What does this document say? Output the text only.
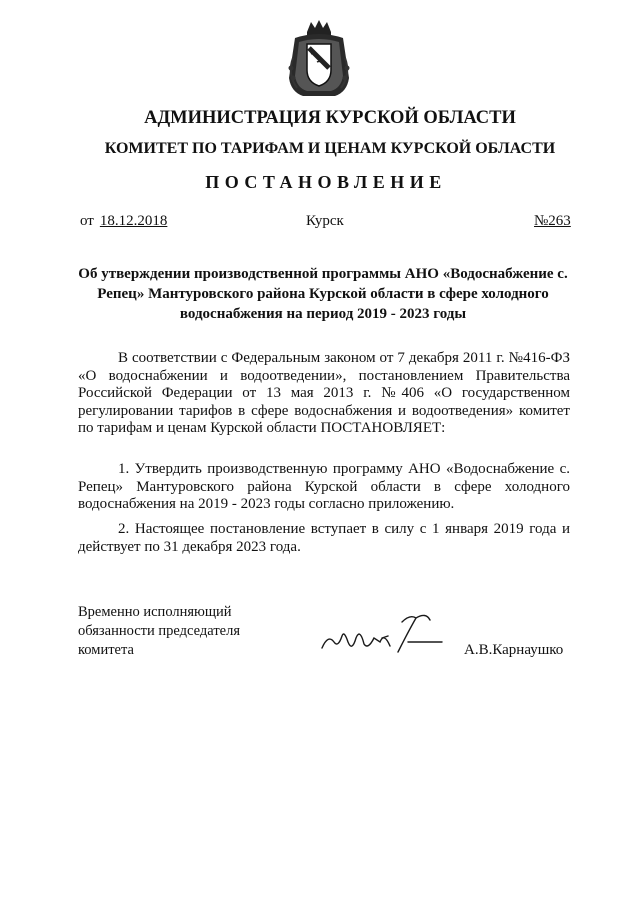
АДМИНИСТРАЦИЯ КУРСКОЙ ОБЛАСТИ
КОМИТЕТ ПО ТАРИФАМ И ЦЕНАМ КУРСКОЙ ОБЛАСТИ
ПОСТАНОВЛЕНИЕ
от 18.12.2018	Курск	№263
Об утверждении производственной программы АНО «Водоснабжение с. Репец» Мантуровского района Курской области в сфере холодного водоснабжения на период 2019 - 2023 годы
В соответствии с Федеральным законом от 7 декабря 2011 г. №416-ФЗ «О водоснабжении и водоотведении», постановлением Правительства Российской Федерации от 13 мая 2013 г. №406 «О государственном регулировании тарифов в сфере водоснабжения и водоотведения» комитет по тарифам и ценам Курской области ПОСТАНОВЛЯЕТ:
1. Утвердить производственную программу АНО «Водоснабжение с. Репец» Мантуровского района Курской области в сфере холодного водоснабжения на 2019 - 2023 годы согласно приложению.
2. Настоящее постановление вступает в силу с 1 января 2019 года и действует по 31 декабря 2023 года.
Временно исполняющий
обязанности председателя
комитета	А.В.Карнаушко
